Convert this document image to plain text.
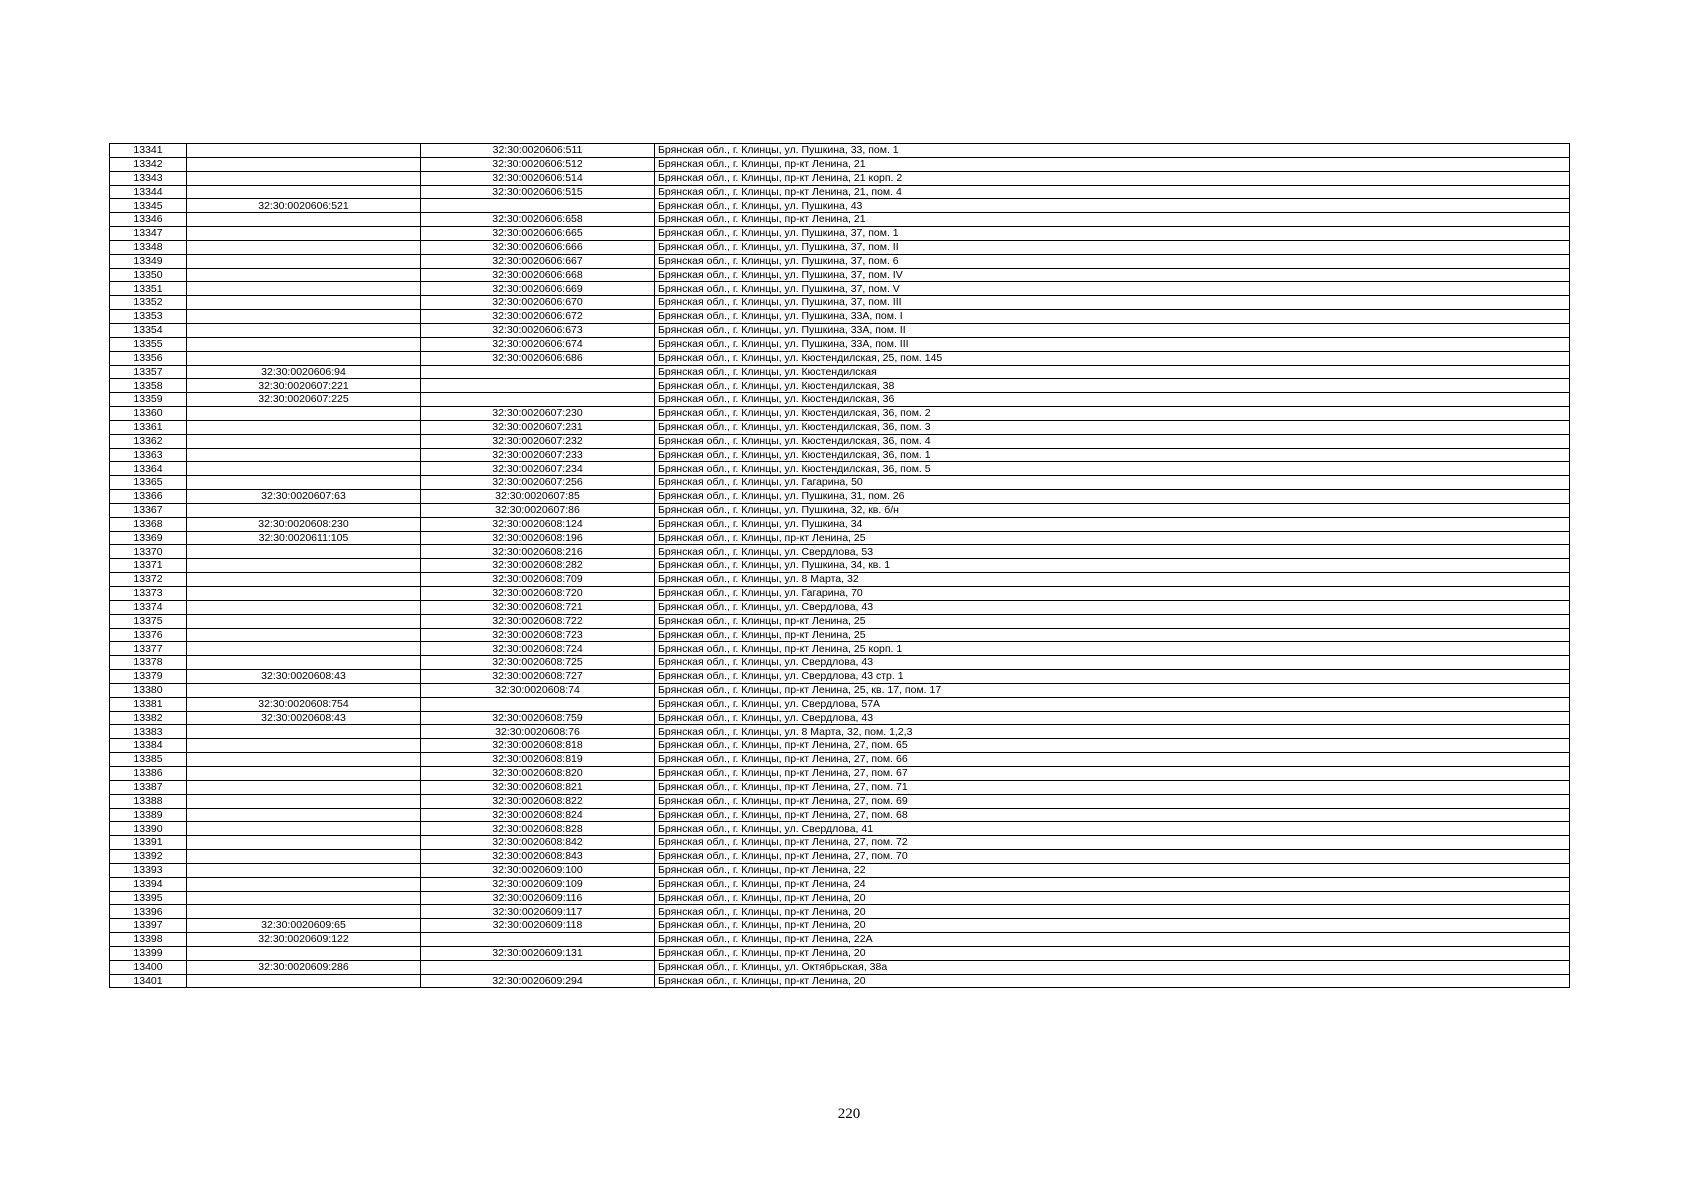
13341		32:30:0020606:511	Брянская обл., г. Клинцы, ул. Пушкина, 33, пом. 1
13342		32:30:0020606:512	Брянская обл., г. Клинцы, пр-кт Ленина, 21
13343		32:30:0020606:514	Брянская обл., г. Клинцы, пр-кт Ленина, 21 корп. 2
13344		32:30:0020606:515	Брянская обл., г. Клинцы, пр-кт Ленина, 21, пом. 4
13345	32:30:0020606:521		Брянская обл., г. Клинцы, ул. Пушкина, 43
13346		32:30:0020606:658	Брянская обл., г. Клинцы, пр-кт Ленина, 21
13347		32:30:0020606:665	Брянская обл., г. Клинцы, ул. Пушкина, 37, пом. 1
13348		32:30:0020606:666	Брянская обл., г. Клинцы, ул. Пушкина, 37, пом. II
13349		32:30:0020606:667	Брянская обл., г. Клинцы, ул. Пушкина, 37, пом. 6
13350		32:30:0020606:668	Брянская обл., г. Клинцы, ул. Пушкина, 37, пом. IV
13351		32:30:0020606:669	Брянская обл., г. Клинцы, ул. Пушкина, 37, пом. V
13352		32:30:0020606:670	Брянская обл., г. Клинцы, ул. Пушкина, 37, пом. III
13353		32:30:0020606:672	Брянская обл., г. Клинцы, ул. Пушкина, 33А, пом. I
13354		32:30:0020606:673	Брянская обл., г. Клинцы, ул. Пушкина, 33А, пом. II
13355		32:30:0020606:674	Брянская обл., г. Клинцы, ул. Пушкина, 33А, пом. III
13356		32:30:0020606:686	Брянская обл., г. Клинцы, ул. Кюстендилская, 25, пом. 145
13357	32:30:0020606:94		Брянская обл., г. Клинцы, ул. Кюстендилская
13358	32:30:0020607:221		Брянская обл., г. Клинцы, ул. Кюстендилская, 38
13359	32:30:0020607:225		Брянская обл., г. Клинцы, ул. Кюстендилская, 36
13360		32:30:0020607:230	Брянская обл., г. Клинцы, ул. Кюстендилская, 36, пом. 2
13361		32:30:0020607:231	Брянская обл., г. Клинцы, ул. Кюстендилская, 36, пом. 3
13362		32:30:0020607:232	Брянская обл., г. Клинцы, ул. Кюстендилская, 36, пом. 4
13363		32:30:0020607:233	Брянская обл., г. Клинцы, ул. Кюстендилская, 36, пом. 1
13364		32:30:0020607:234	Брянская обл., г. Клинцы, ул. Кюстендилская, 36, пом. 5
13365		32:30:0020607:256	Брянская обл., г. Клинцы, ул. Гагарина, 50
13366	32:30:0020607:63	32:30:0020607:85	Брянская обл., г. Клинцы, ул. Пушкина, 31, пом. 26
13367		32:30:0020607:86	Брянская обл., г. Клинцы, ул. Пушкина, 32, кв. б/н
13368	32:30:0020608:230	32:30:0020608:124	Брянская обл., г. Клинцы, ул. Пушкина, 34
13369	32:30:0020611:105	32:30:0020608:196	Брянская обл., г. Клинцы, пр-кт Ленина, 25
13370		32:30:0020608:216	Брянская обл., г. Клинцы, ул. Свердлова, 53
13371		32:30:0020608:282	Брянская обл., г. Клинцы, ул. Пушкина, 34, кв. 1
13372		32:30:0020608:709	Брянская обл., г. Клинцы, ул. 8 Марта, 32
13373		32:30:0020608:720	Брянская обл., г. Клинцы, ул. Гагарина, 70
13374		32:30:0020608:721	Брянская обл., г. Клинцы, ул. Свердлова, 43
13375		32:30:0020608:722	Брянская обл., г. Клинцы, пр-кт Ленина, 25
13376		32:30:0020608:723	Брянская обл., г. Клинцы, пр-кт Ленина, 25
13377		32:30:0020608:724	Брянская обл., г. Клинцы, пр-кт Ленина, 25 корп. 1
13378		32:30:0020608:725	Брянская обл., г. Клинцы, ул. Свердлова, 43
13379	32:30:0020608:43	32:30:0020608:727	Брянская обл., г. Клинцы, ул. Свердлова, 43 стр. 1
13380		32:30:0020608:74	Брянская обл., г. Клинцы, пр-кт Ленина, 25, кв. 17, пом. 17
13381	32:30:0020608:754		Брянская обл., г. Клинцы, ул. Свердлова, 57А
13382	32:30:0020608:43	32:30:0020608:759	Брянская обл., г. Клинцы, ул. Свердлова, 43
13383		32:30:0020608:76	Брянская обл., г. Клинцы, ул. 8 Марта, 32, пом. 1,2,3
13384		32:30:0020608:818	Брянская обл., г. Клинцы, пр-кт Ленина, 27, пом. 65
13385		32:30:0020608:819	Брянская обл., г. Клинцы, пр-кт Ленина, 27, пом. 66
13386		32:30:0020608:820	Брянская обл., г. Клинцы, пр-кт Ленина, 27, пом. 67
13387		32:30:0020608:821	Брянская обл., г. Клинцы, пр-кт Ленина, 27, пом. 71
13388		32:30:0020608:822	Брянская обл., г. Клинцы, пр-кт Ленина, 27, пом. 69
13389		32:30:0020608:824	Брянская обл., г. Клинцы, пр-кт Ленина, 27, пом. 68
13390		32:30:0020608:828	Брянская обл., г. Клинцы, ул. Свердлова, 41
13391		32:30:0020608:842	Брянская обл., г. Клинцы, пр-кт Ленина, 27, пом. 72
13392		32:30:0020608:843	Брянская обл., г. Клинцы, пр-кт Ленина, 27, пом. 70
13393		32:30:0020609:100	Брянская обл., г. Клинцы, пр-кт Ленина, 22
13394		32:30:0020609:109	Брянская обл., г. Клинцы, пр-кт Ленина, 24
13395		32:30:0020609:116	Брянская обл., г. Клинцы, пр-кт Ленина, 20
13396		32:30:0020609:117	Брянская обл., г. Клинцы, пр-кт Ленина, 20
13397	32:30:0020609:65	32:30:0020609:118	Брянская обл., г. Клинцы, пр-кт Ленина, 20
13398	32:30:0020609:122		Брянская обл., г. Клинцы, пр-кт Ленина, 22А
13399		32:30:0020609:131	Брянская обл., г. Клинцы, пр-кт Ленина, 20
13400	32:30:0020609:286		Брянская обл., г. Клинцы, ул. Октябрьская, 38а
13401		32:30:0020609:294	Брянская обл., г. Клинцы, пр-кт Ленина, 20
220
